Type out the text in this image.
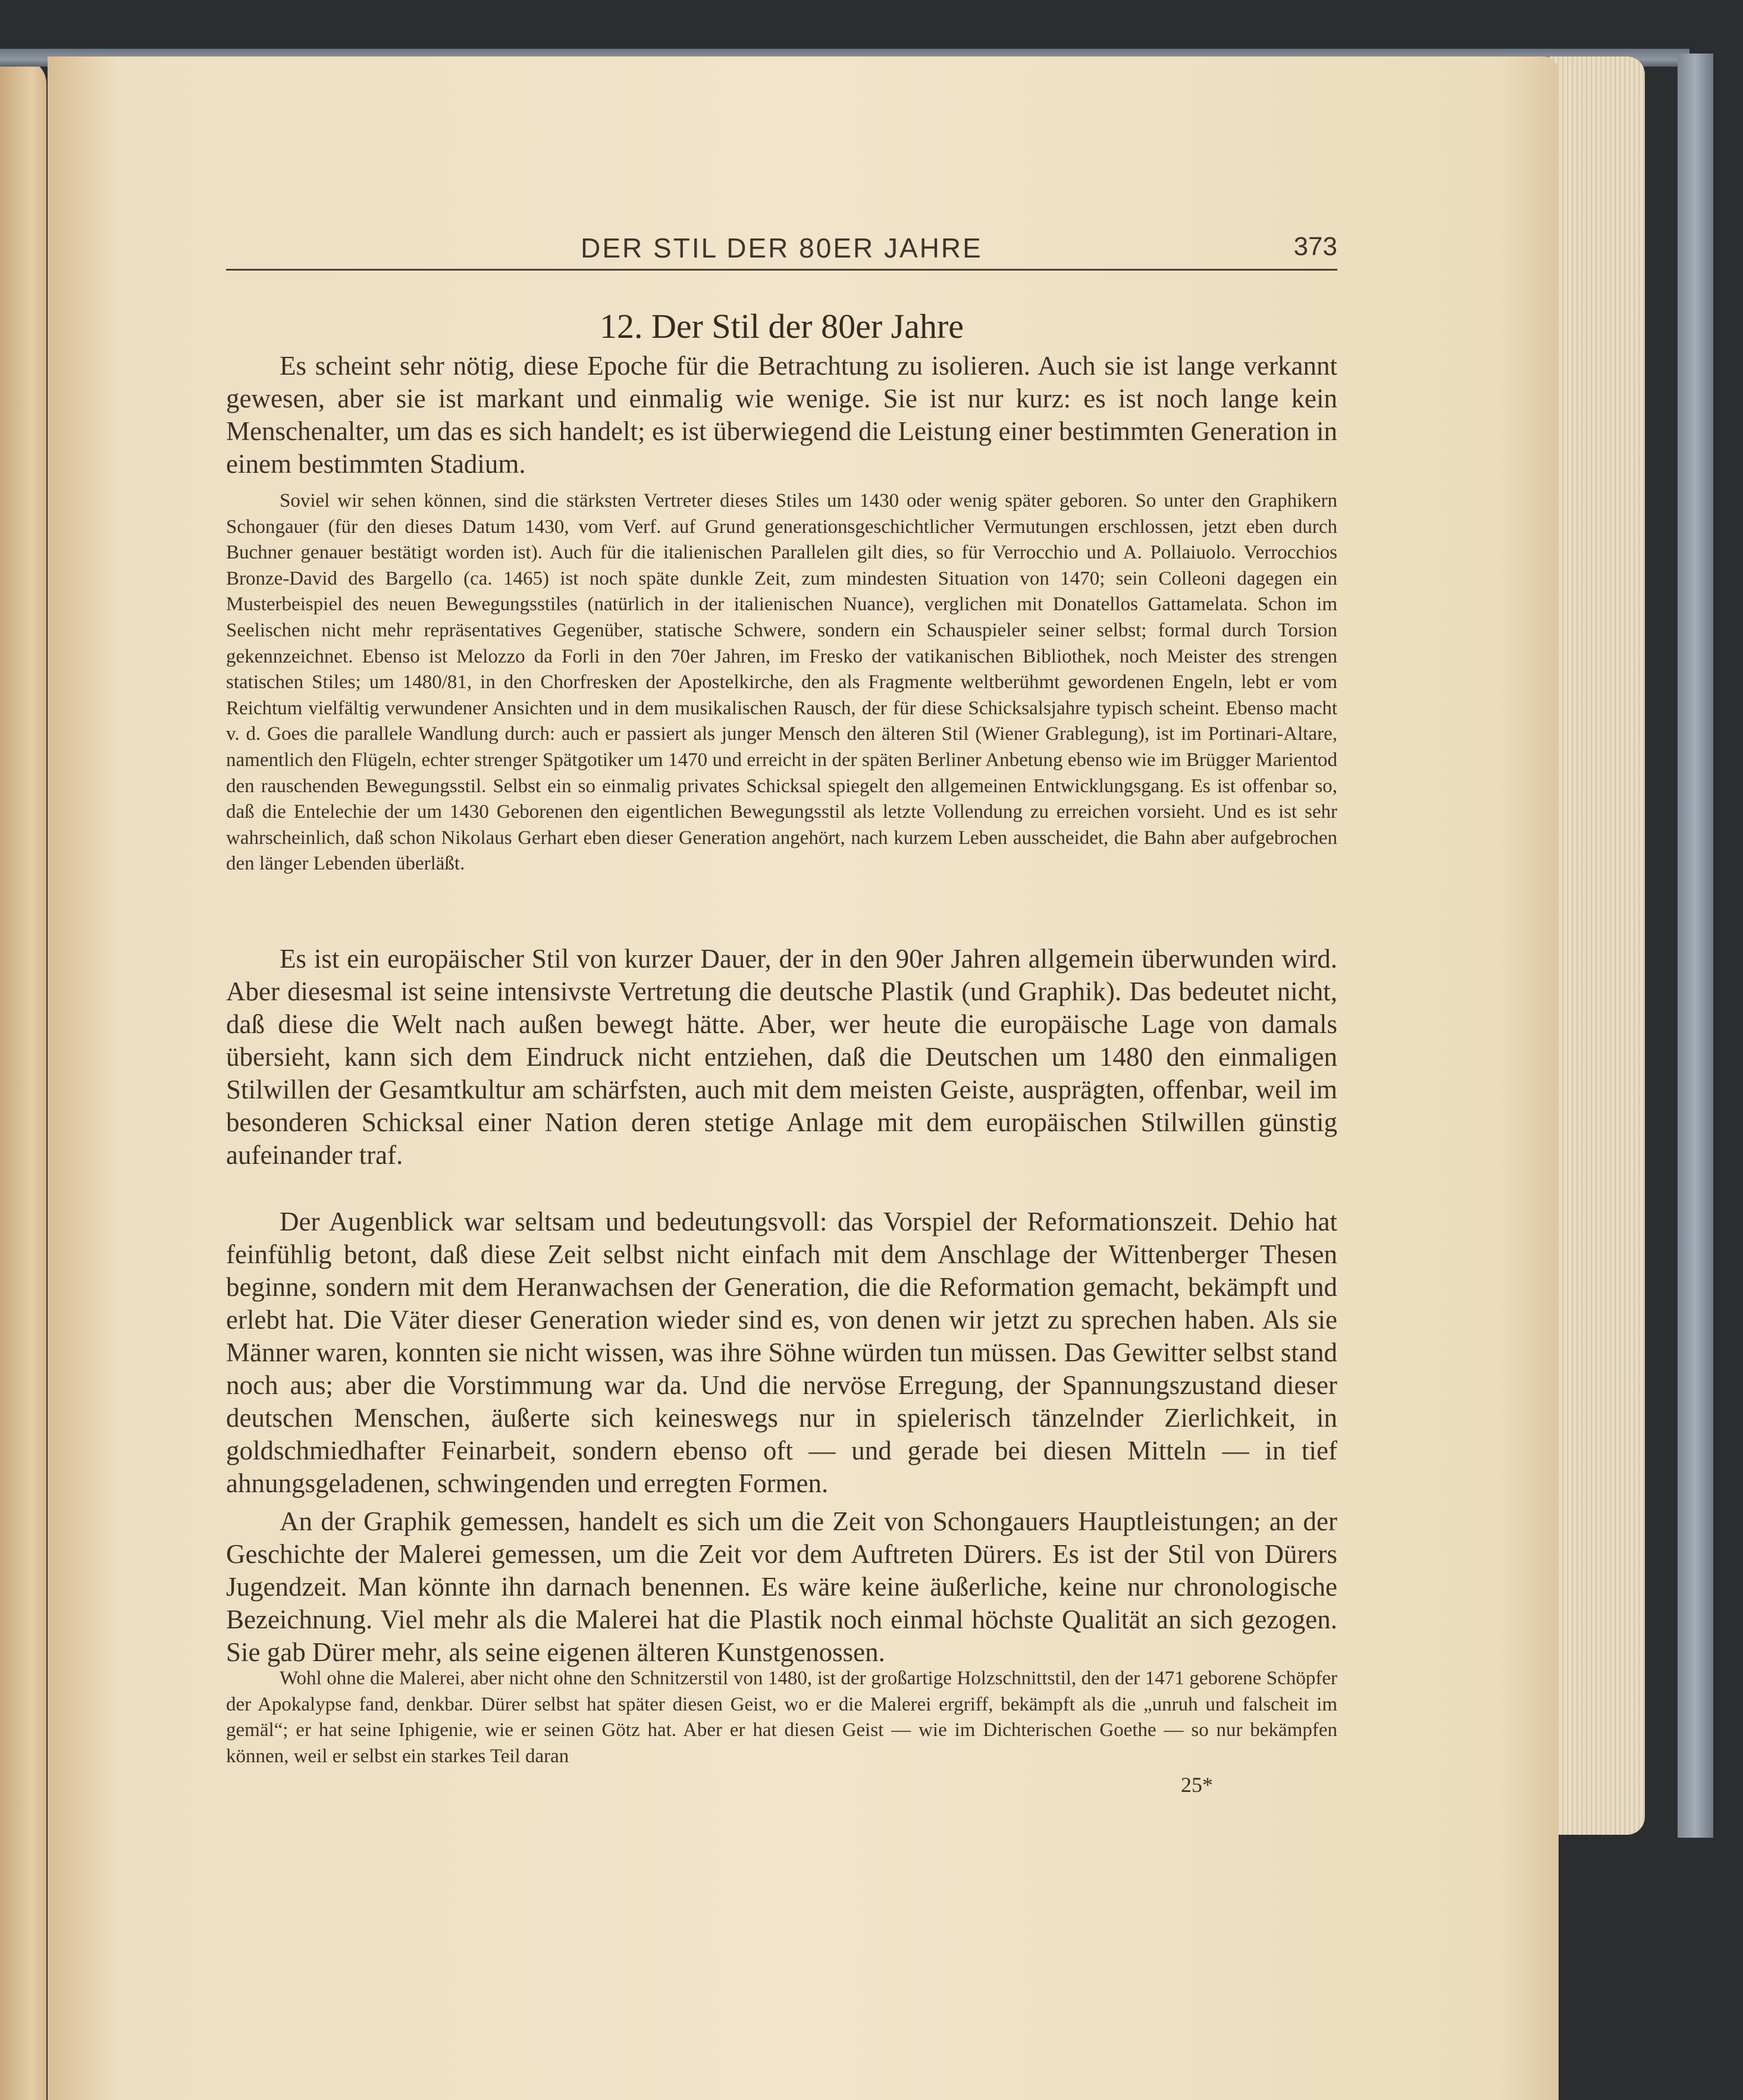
DER STIL DER 80ER JAHRE	373
12. Der Stil der 80er Jahre

Es scheint sehr nötig, diese Epoche für die Betrachtung zu isolieren. Auch sie ist lange verkannt gewesen, aber sie ist markant und einmalig wie wenige. Sie ist nur kurz: es ist noch lange kein Menschenalter, um das es sich handelt; es ist überwiegend die Leistung einer bestimmten Generation in einem bestimmten Stadium.

Soviel wir sehen können, sind die stärksten Vertreter dieses Stiles um 1430 oder wenig später geboren. So unter den Graphikern Schongauer (für den dieses Datum 1430, vom Verf. auf Grund generationsgeschichtlicher Vermutungen erschlossen, jetzt eben durch Buchner genauer bestätigt worden ist). Auch für die italienischen Parallelen gilt dies, so für Verrocchio und A. Pollaiuolo. Verrocchios Bronze-David des Bargello (ca. 1465) ist noch späte dunkle Zeit, zum mindesten Situation von 1470; sein Colleoni dagegen ein Musterbeispiel des neuen Bewegungsstiles (natürlich in der italienischen Nuance), verglichen mit Donatellos Gattamelata. Schon im Seelischen nicht mehr repräsentatives Gegenüber, statische Schwere, sondern ein Schauspieler seiner selbst; formal durch Torsion gekennzeichnet. Ebenso ist Melozzo da Forli in den 70er Jahren, im Fresko der vatikanischen Bibliothek, noch Meister des strengen statischen Stiles; um 1480/81, in den Chorfresken der Apostelkirche, den als Fragmente weltberühmt gewordenen Engeln, lebt er vom Reichtum vielfältig verwundener Ansichten und in dem musikalischen Rausch, der für diese Schicksalsjahre typisch scheint. Ebenso macht v. d. Goes die parallele Wandlung durch: auch er passiert als junger Mensch den älteren Stil (Wiener Grablegung), ist im Portinari-Altare, namentlich den Flügeln, echter strenger Spätgotiker um 1470 und erreicht in der späten Berliner Anbetung ebenso wie im Brügger Marientod den rauschenden Bewegungsstil. Selbst ein so einmalig privates Schicksal spiegelt den allgemeinen Entwicklungsgang. Es ist offenbar so, daß die Entelechie der um 1430 Geborenen den eigentlichen Bewegungsstil als letzte Vollendung zu erreichen vorsieht. Und es ist sehr wahrscheinlich, daß schon Nikolaus Gerhart eben dieser Generation angehört, nach kurzem Leben ausscheidet, die Bahn aber aufgebrochen den länger Lebenden überläßt.

Es ist ein europäischer Stil von kurzer Dauer, der in den 90er Jahren allgemein überwunden wird. Aber diesesmal ist seine intensivste Vertretung die deutsche Plastik (und Graphik). Das bedeutet nicht, daß diese die Welt nach außen bewegt hätte. Aber, wer heute die europäische Lage von damals übersieht, kann sich dem Eindruck nicht entziehen, daß die Deutschen um 1480 den einmaligen Stilwillen der Gesamtkultur am schärfsten, auch mit dem meisten Geiste, ausprägten, offenbar, weil im besonderen Schicksal einer Nation deren stetige Anlage mit dem europäischen Stilwillen günstig aufeinander traf.

Der Augenblick war seltsam und bedeutungsvoll: das Vorspiel der Reformationszeit. Dehio hat feinfühlig betont, daß diese Zeit selbst nicht einfach mit dem Anschlage der Wittenberger Thesen beginne, sondern mit dem Heranwachsen der Generation, die die Reformation gemacht, bekämpft und erlebt hat. Die Väter dieser Generation wieder sind es, von denen wir jetzt zu sprechen haben. Als sie Männer waren, konnten sie nicht wissen, was ihre Söhne würden tun müssen. Das Gewitter selbst stand noch aus; aber die Vorstimmung war da. Und die nervöse Erregung, der Spannungszustand dieser deutschen Menschen, äußerte sich keineswegs nur in spielerisch tänzelnder Zierlichkeit, in goldschmiedhafter Feinarbeit, sondern ebenso oft — und gerade bei diesen Mitteln — in tief ahnungsgeladenen, schwingenden und erregten Formen.

An der Graphik gemessen, handelt es sich um die Zeit von Schongauers Hauptleistungen; an der Geschichte der Malerei gemessen, um die Zeit vor dem Auftreten Dürers. Es ist der Stil von Dürers Jugendzeit. Man könnte ihn darnach benennen. Es wäre keine äußerliche, keine nur chronologische Bezeichnung. Viel mehr als die Malerei hat die Plastik noch einmal höchste Qualität an sich gezogen. Sie gab Dürer mehr, als seine eigenen älteren Kunstgenossen.

Wohl ohne die Malerei, aber nicht ohne den Schnitzerstil von 1480, ist der großartige Holzschnittstil, den der 1471 geborene Schöpfer der Apokalypse fand, denkbar. Dürer selbst hat später diesen Geist, wo er die Malerei ergriff, bekämpft als die „unruh und falscheit im gemäl“; er hat seine Iphigenie, wie er seinen Götz hat. Aber er hat diesen Geist — wie im Dichterischen Goethe — so nur bekämpfen können, weil er selbst ein starkes Teil daran

25*
